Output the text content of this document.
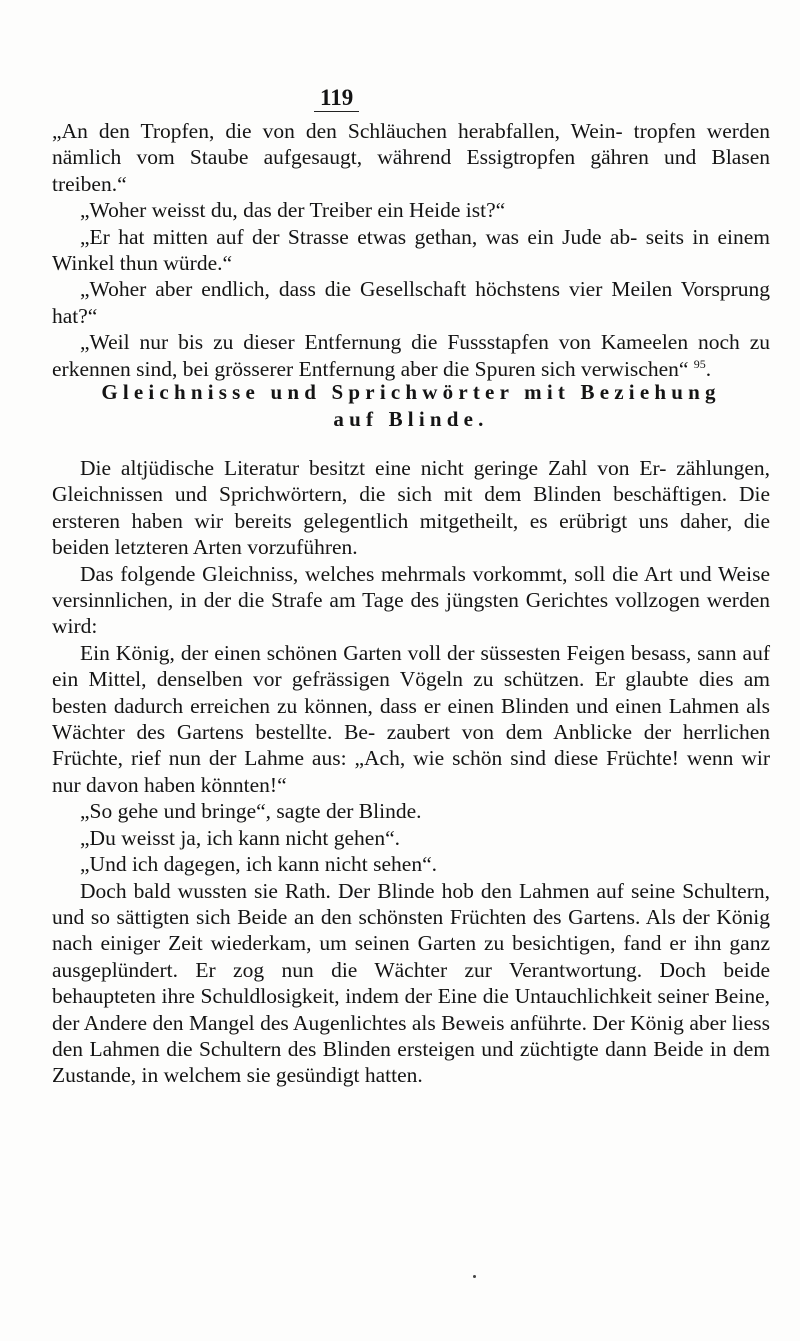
119

„An den Tropfen, die von den Schläuchen herabfallen, Wein- tropfen werden nämlich vom Staube aufgesaugt, während Essigtropfen gähren und Blasen treiben.“

„Woher weisst du, das der Treiber ein Heide ist?“

„Er hat mitten auf der Strasse etwas gethan, was ein Jude ab- seits in einem Winkel thun würde.“

„Woher aber endlich, dass die Gesellschaft höchstens vier Meilen Vorsprung hat?“

„Weil nur bis zu dieser Entfernung die Fussstapfen von Kameelen noch zu erkennen sind, bei grösserer Entfernung aber die Spuren sich verwischen“ $^{95}$.

Gleichnisse und Sprichwörter mit Beziehung
auf Blinde.

Die altjüdische Literatur besitzt eine nicht geringe Zahl von Er- zählungen, Gleichnissen und Sprichwörtern, die sich mit dem Blinden beschäftigen. Die ersteren haben wir bereits gelegentlich mitgetheilt, es erübrigt uns daher, die beiden letzteren Arten vorzuführen.

Das folgende Gleichniss, welches mehrmals vorkommt, soll die Art und Weise versinnlichen, in der die Strafe am Tage des jüngsten Gerichtes vollzogen werden wird:

Ein König, der einen schönen Garten voll der süssesten Feigen besass, sann auf ein Mittel, denselben vor gefrässigen Vögeln zu schützen. Er glaubte dies am besten dadurch erreichen zu können, dass er einen Blinden und einen Lahmen als Wächter des Gartens bestellte. Be- zaubert von dem Anblicke der herrlichen Früchte, rief nun der Lahme aus: „Ach, wie schön sind diese Früchte! wenn wir nur davon haben könnten!“

„So gehe und bringe“, sagte der Blinde.

„Du weisst ja, ich kann nicht gehen“.

„Und ich dagegen, ich kann nicht sehen“.

Doch bald wussten sie Rath. Der Blinde hob den Lahmen auf seine Schultern, und so sättigten sich Beide an den schönsten Früchten des Gartens. Als der König nach einiger Zeit wiederkam, um seinen Garten zu besichtigen, fand er ihn ganz ausgeplündert. Er zog nun die Wächter zur Verantwortung. Doch beide behaupteten ihre Schuldlosigkeit, indem der Eine die Untauchlichkeit seiner Beine, der Andere den Mangel des Augenlichtes als Beweis anführte. Der König aber liess den Lahmen die Schultern des Blinden ersteigen und züchtigte dann Beide in dem Zustande, in welchem sie gesündigt hatten.
